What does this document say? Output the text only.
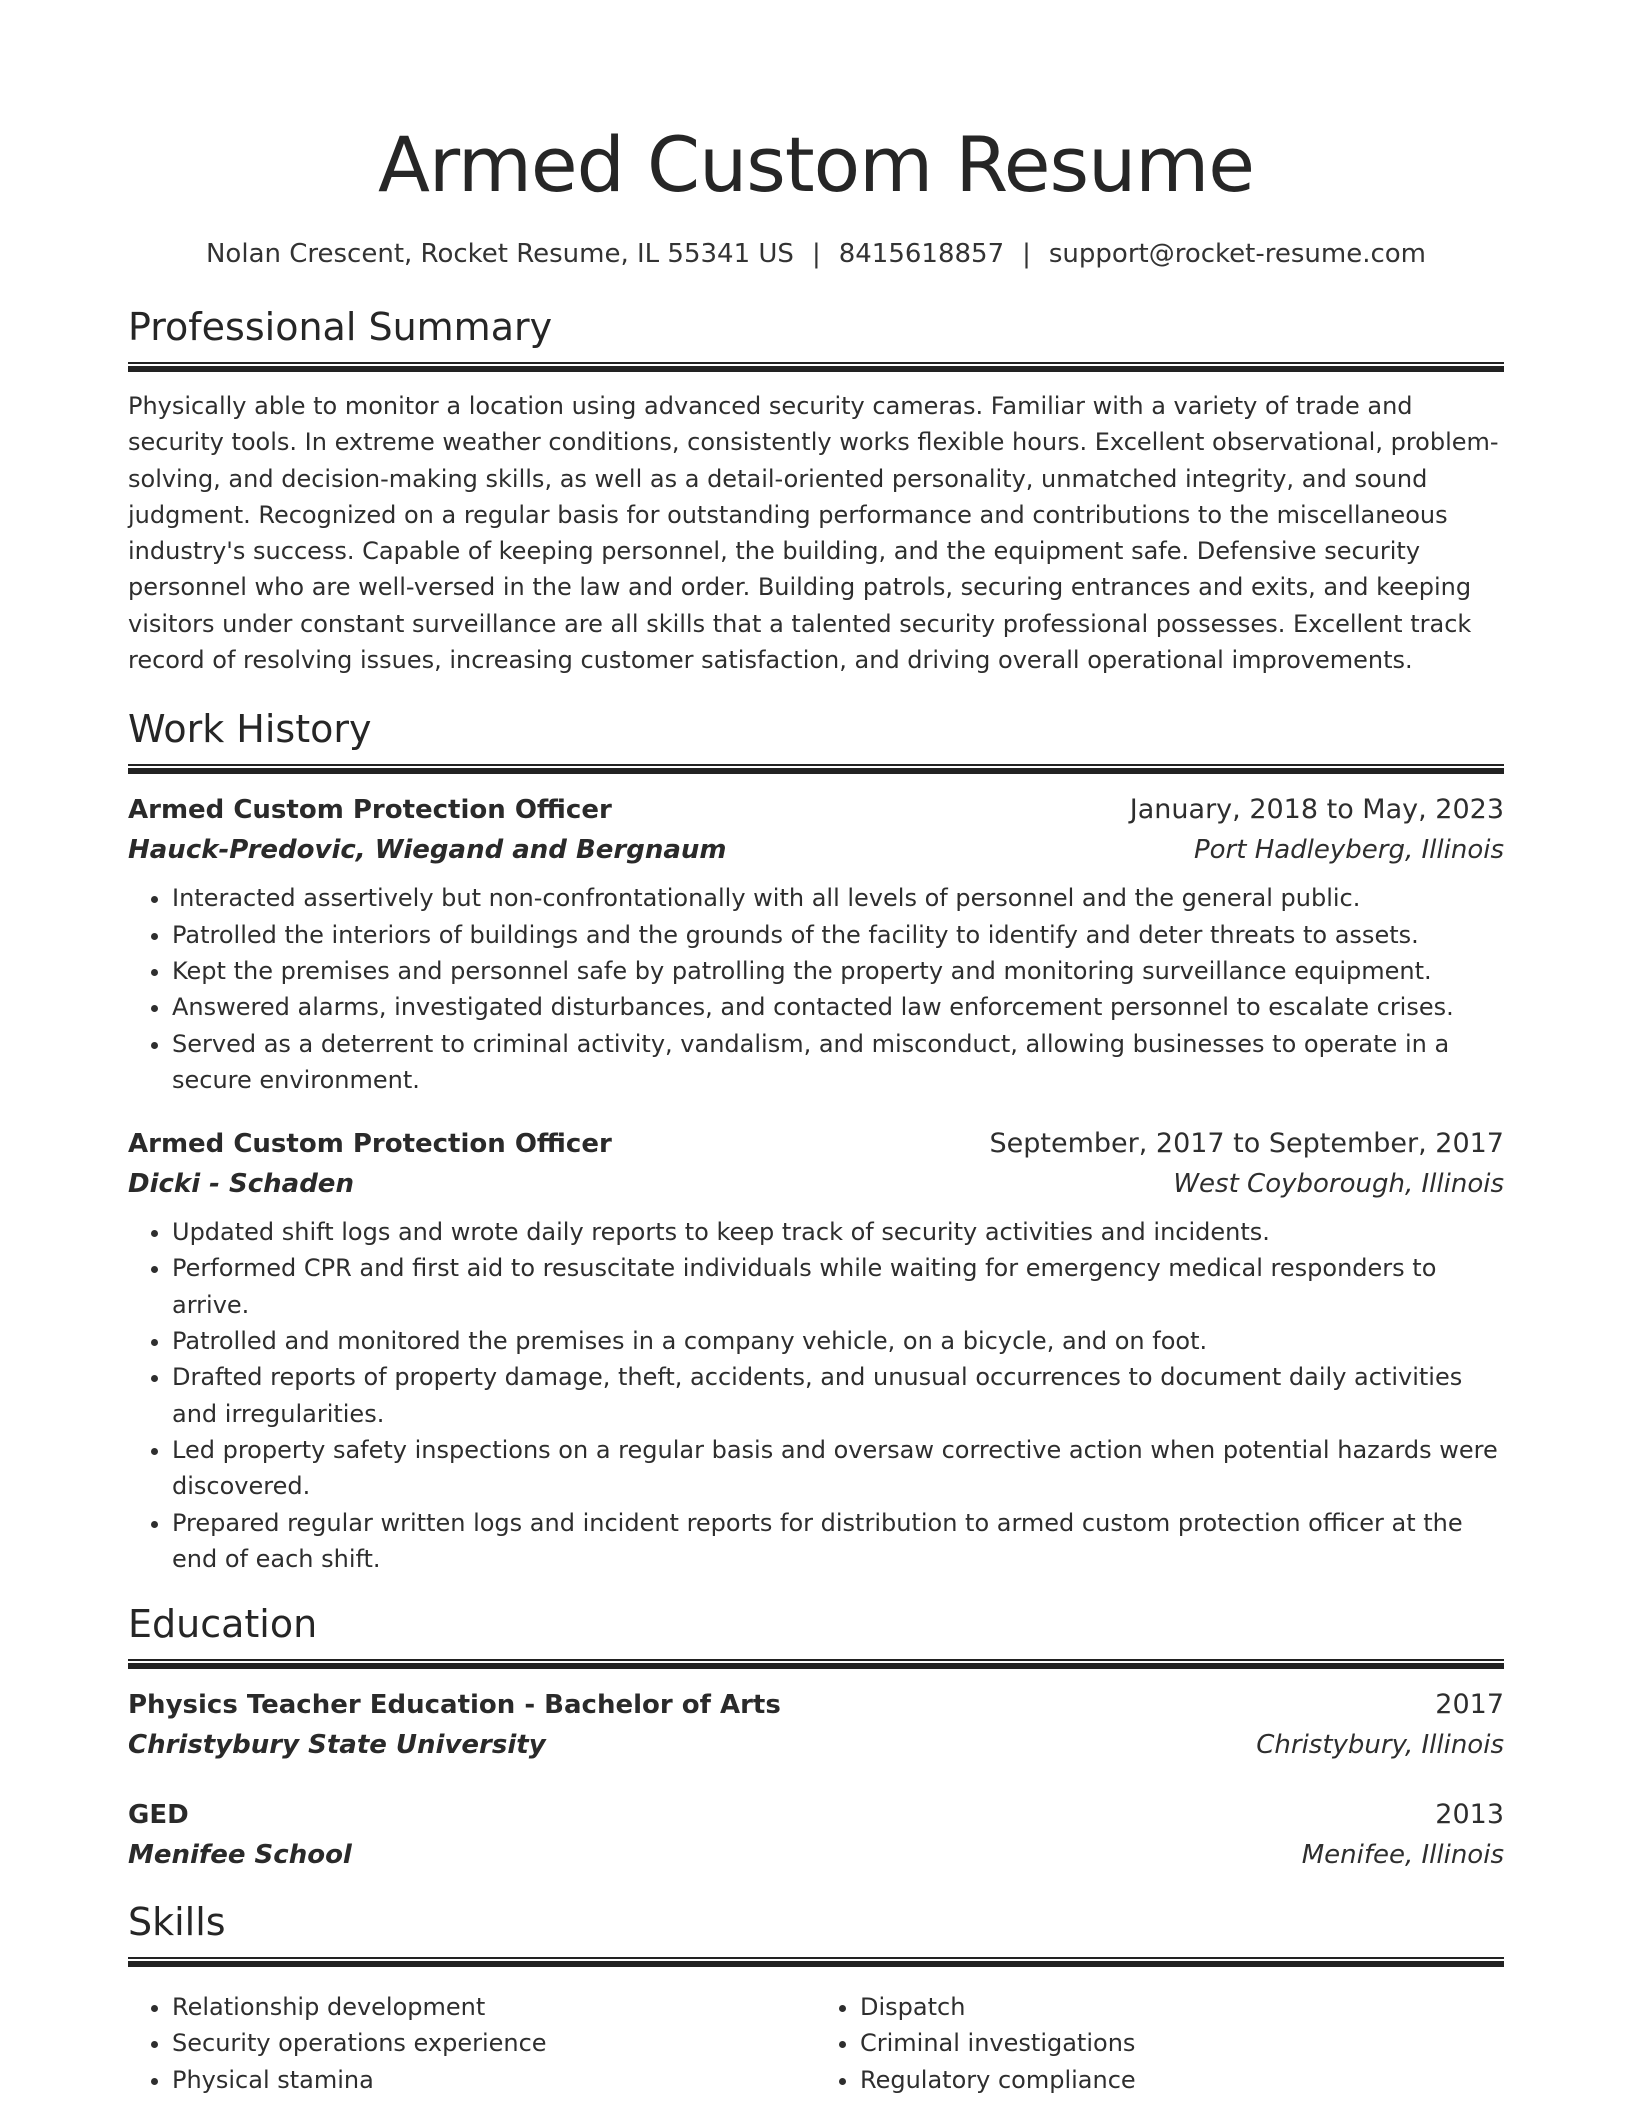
Armed Custom Resume
Nolan Crescent, Rocket Resume, IL 55341 US | 8415618857 | support@rocket-resume.com
Professional Summary

Physically able to monitor a location using advanced security cameras. Familiar with a variety of trade and security tools. In extreme weather conditions, consistently works flexible hours. Excellent observational, problem-solving, and decision-making skills, as well as a detail-oriented personality, unmatched integrity, and sound judgment. Recognized on a regular basis for outstanding performance and contributions to the miscellaneous industry's success. Capable of keeping personnel, the building, and the equipment safe. Defensive security personnel who are well-versed in the law and order. Building patrols, securing entrances and exits, and keeping visitors under constant surveillance are all skills that a talented security professional possesses. Excellent track record of resolving issues, increasing customer satisfaction, and driving overall operational improvements.

Work History
Armed Custom Protection Officer	January, 2018 to May, 2023
Hauck-Predovic, Wiegand and Bergnaum	Port Hadleyberg, Illinois
• Interacted assertively but non-confrontationally with all levels of personnel and the general public.
• Patrolled the interiors of buildings and the grounds of the facility to identify and deter threats to assets.
• Kept the premises and personnel safe by patrolling the property and monitoring surveillance equipment.
• Answered alarms, investigated disturbances, and contacted law enforcement personnel to escalate crises.
• Served as a deterrent to criminal activity, vandalism, and misconduct, allowing businesses to operate in a secure environment.
Armed Custom Protection Officer	September, 2017 to September, 2017
Dicki - Schaden	West Coyborough, Illinois
• Updated shift logs and wrote daily reports to keep track of security activities and incidents.
• Performed CPR and first aid to resuscitate individuals while waiting for emergency medical responders to arrive.
• Patrolled and monitored the premises in a company vehicle, on a bicycle, and on foot.
• Drafted reports of property damage, theft, accidents, and unusual occurrences to document daily activities and irregularities.
• Led property safety inspections on a regular basis and oversaw corrective action when potential hazards were discovered.
• Prepared regular written logs and incident reports for distribution to armed custom protection officer at the end of each shift.
Education
Physics Teacher Education - Bachelor of Arts	2017
Christybury State University	Christybury, Illinois
GED	2013
Menifee School	Menifee, Illinois
Skills
• Relationship development
• Security operations experience
• Physical stamina
• Dispatch
• Criminal investigations
• Regulatory compliance
